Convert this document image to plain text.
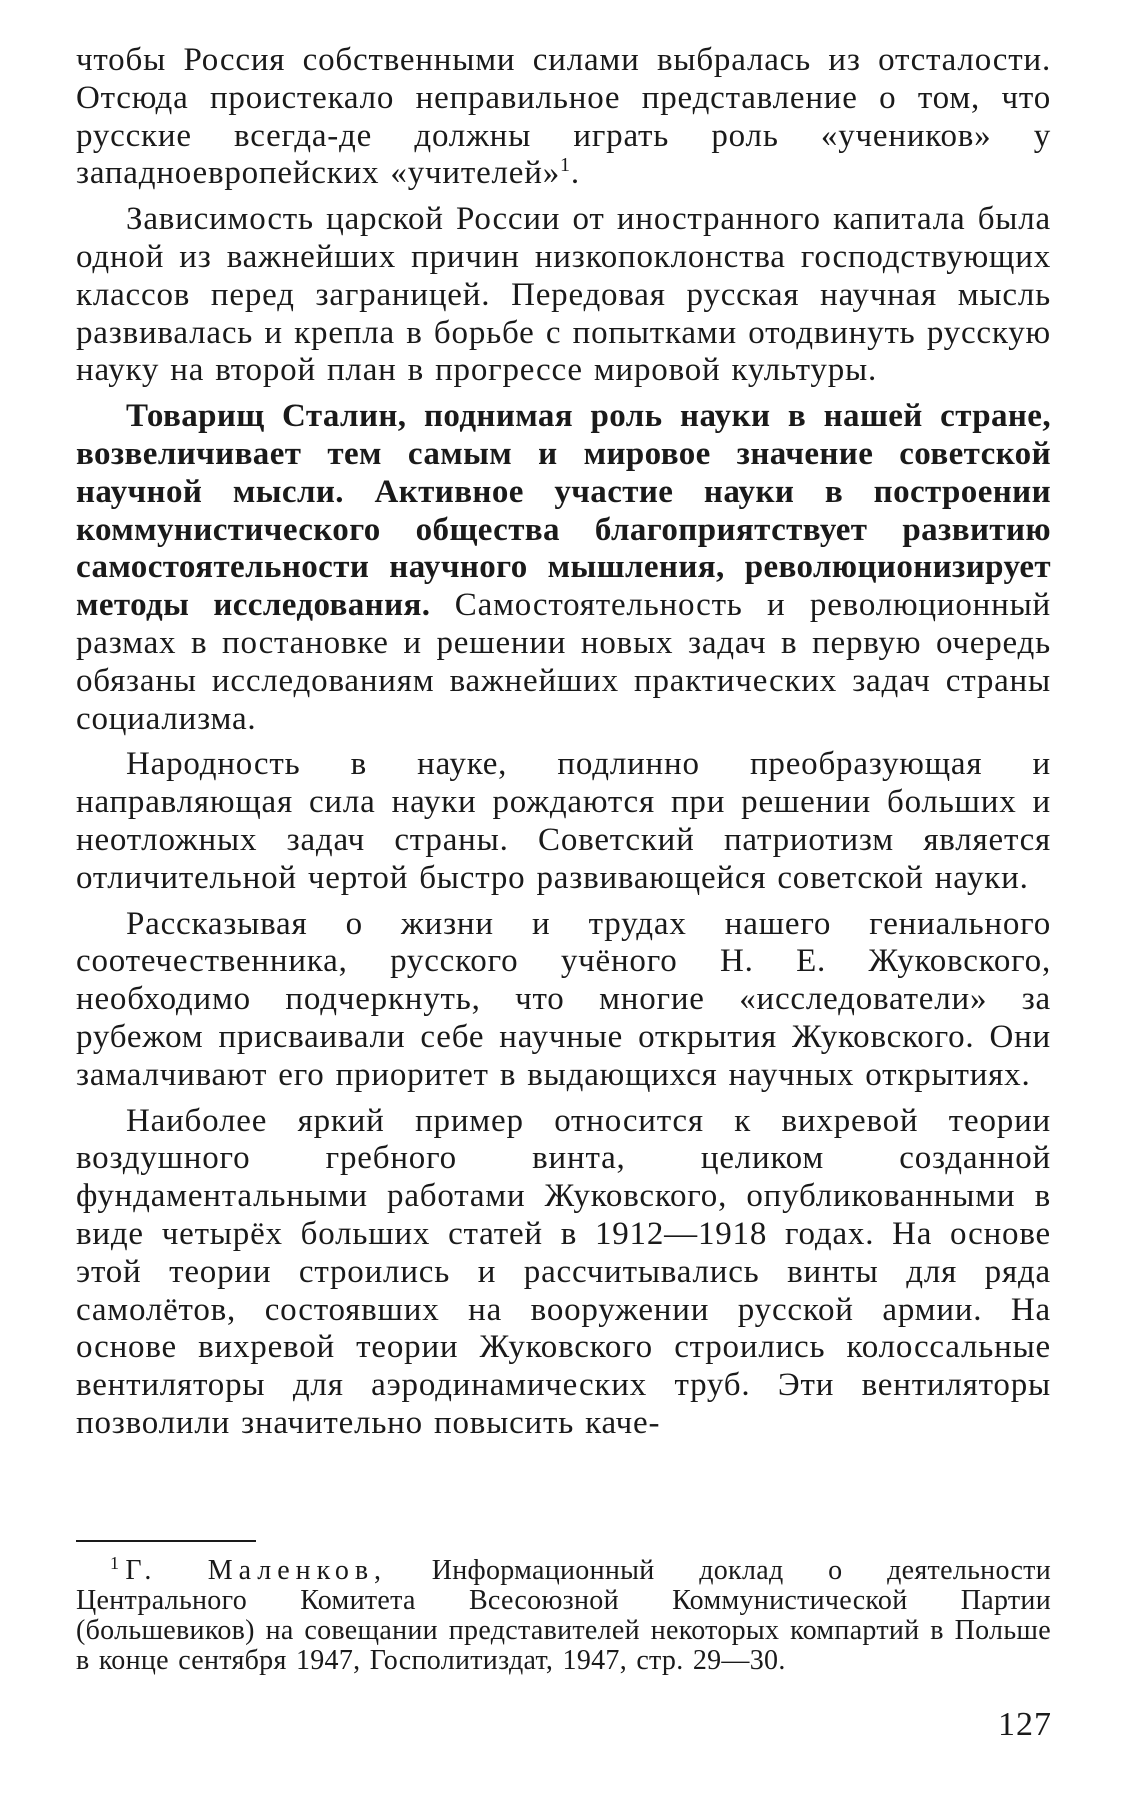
чтобы Россия собственными силами выбралась из отсталости. Отсюда проистекало неправильное представление о том, что русские всегда-де должны играть роль «учеников» у западноевропейских «учителей»$^1$.

Зависимость царской России от иностранного капитала была одной из важнейших причин низкопоклонства господствующих классов перед заграницей. Передовая русская научная мысль развивалась и крепла в борьбе с попытками отодвинуть русскую науку на второй план в прогрессе мировой культуры.

Товарищ Сталин, поднимая роль науки в нашей стране, возвеличивает тем самым и мировое значение советской научной мысли. Активное участие науки в построении коммунистического общества благоприятствует развитию самостоятельности научного мышления, революционизирует методы исследования. Самостоятельность и революционный размах в постановке и решении новых задач в первую очередь обязаны исследованиям важнейших практических задач страны социализма.

Народность в науке, подлинно преобразующая и направляющая сила науки рождаются при решении больших и неотложных задач страны. Советский патриотизм является отличительной чертой быстро развивающейся советской науки.

Рассказывая о жизни и трудах нашего гениального соотечественника, русского учёного Н. Е. Жуковского, необходимо подчеркнуть, что многие «исследователи» за рубежом присваивали себе научные открытия Жуковского. Они замалчивают его приоритет в выдающихся научных открытиях.

Наиболее яркий пример относится к вихревой теории воздушного гребного винта, целиком созданной фундаментальными работами Жуковского, опубликованными в виде четырёх больших статей в 1912—1918 годах. На основе этой теории строились и рассчитывались винты для ряда самолётов, состоявших на вооружении русской армии. На основе вихревой теории Жуковского строились колоссальные вентиляторы для аэродинамических труб. Эти вентиляторы позволили значительно повысить каче-

$^1$ Г. Маленков, Информационный доклад о деятельности Центрального Комитета Всесоюзной Коммунистической Партии (большевиков) на совещании представителей некоторых компартий в Польше в конце сентября 1947, Госполитиздат, 1947, стр. 29—30.

127
